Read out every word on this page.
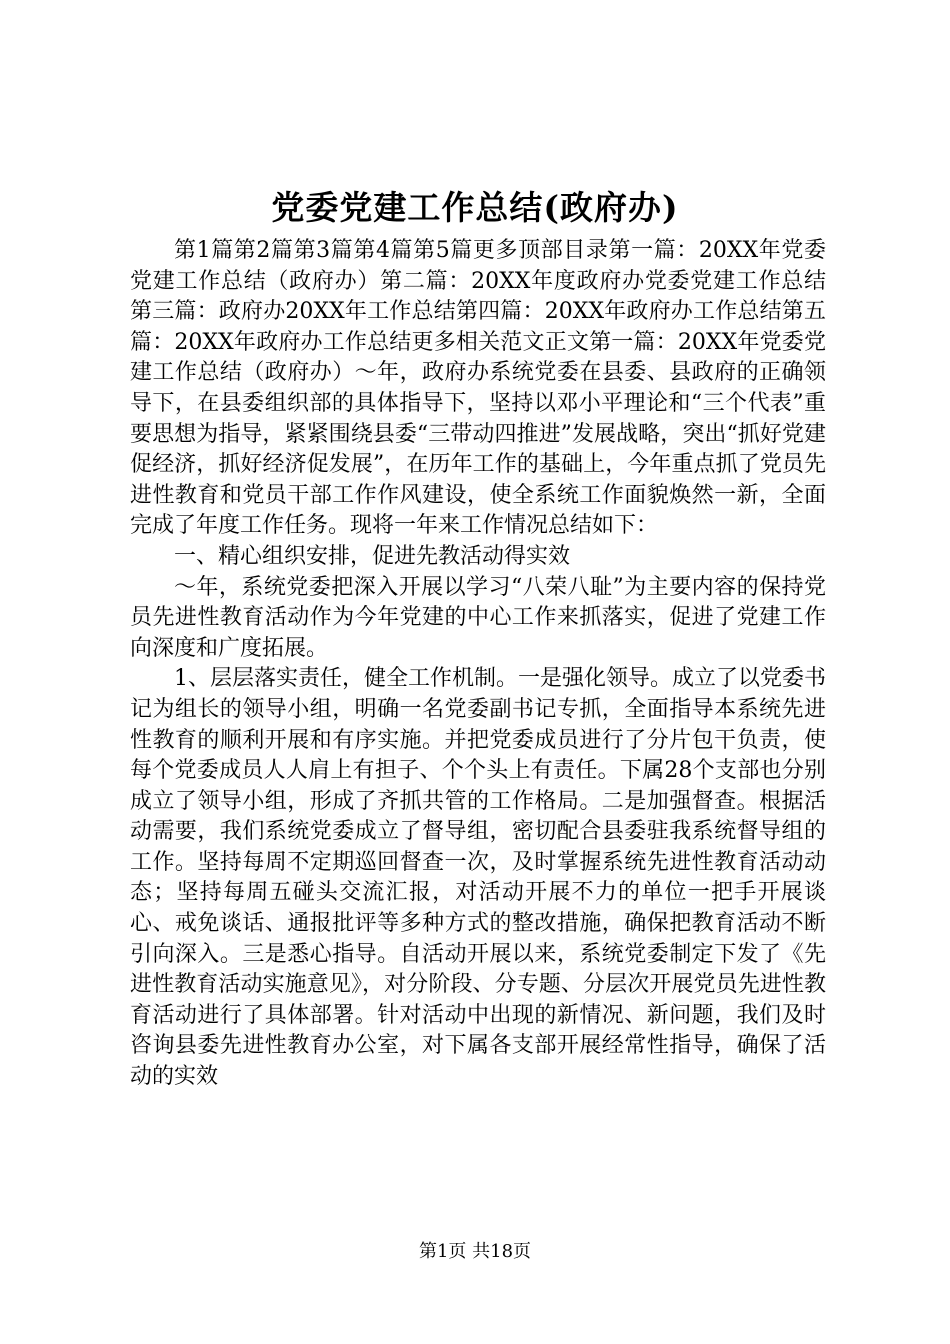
党委党建工作总结(政府办)

第1篇第2篇第3篇第4篇第5篇更多顶部目录第一篇：20XX年党委党建工作总结（政府办）第二篇：20XX年度政府办党委党建工作总结第三篇：政府办20XX年工作总结第四篇：20XX年政府办工作总结第五篇：20XX年政府办工作总结更多相关范文正文第一篇：20XX年党委党建工作总结（政府办）～年，政府办系统党委在县委、县政府的正确领导下，在县委组织部的具体指导下，坚持以邓小平理论和“三个代表”重要思想为指导，紧紧围绕县委“三带动四推进”发展战略，突出“抓好党建促经济，抓好经济促发展”，在历年工作的基础上，今年重点抓了党员先进性教育和党员干部工作作风建设，使全系统工作面貌焕然一新，全面完成了年度工作任务。现将一年来工作情况总结如下：

一、精心组织安排，促进先教活动得实效

～年，系统党委把深入开展以学习“八荣八耻”为主要内容的保持党员先进性教育活动作为今年党建的中心工作来抓落实，促进了党建工作向深度和广度拓展。

1、层层落实责任，健全工作机制。一是强化领导。成立了以党委书记为组长的领导小组，明确一名党委副书记专抓，全面指导本系统先进性教育的顺利开展和有序实施。并把党委成员进行了分片包干负责，使每个党委成员人人肩上有担子、个个头上有责任。下属28个支部也分别成立了领导小组，形成了齐抓共管的工作格局。二是加强督查。根据活动需要，我们系统党委成立了督导组，密切配合县委驻我系统督导组的工作。坚持每周不定期巡回督查一次，及时掌握系统先进性教育活动动态；坚持每周五碰头交流汇报，对活动开展不力的单位一把手开展谈心、戒免谈话、通报批评等多种方式的整改措施，确保把教育活动不断引向深入。三是悉心指导。自活动开展以来，系统党委制定下发了《先进性教育活动实施意见》，对分阶段、分专题、分层次开展党员先进性教育活动进行了具体部署。针对活动中出现的新情况、新问题，我们及时咨询县委先进性教育办公室，对下属各支部开展经常性指导，确保了活动的实效

第1页 共18页
